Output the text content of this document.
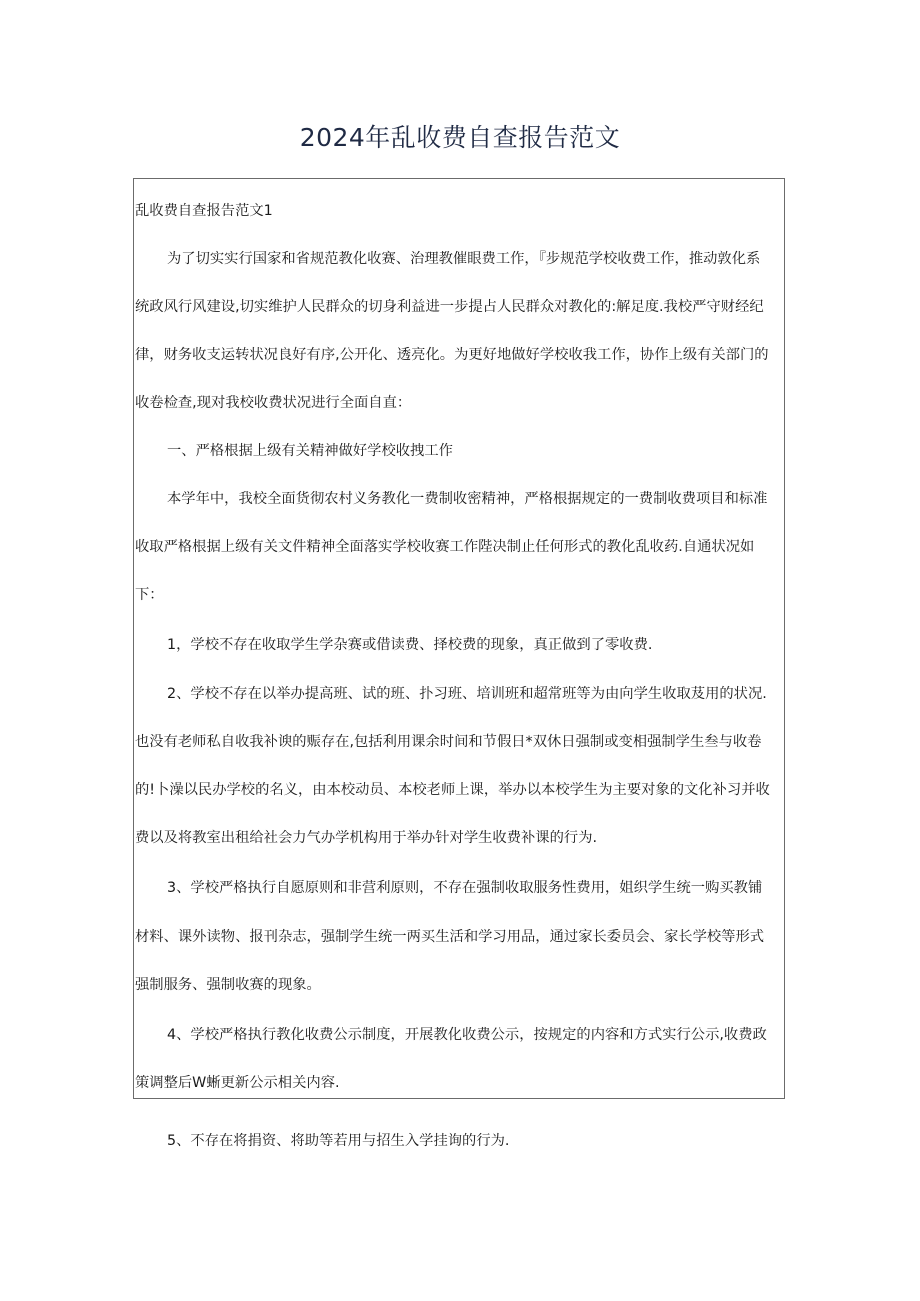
2024年乱收费自查报告范文
乱收费自查报告范文1
为了切实实行国家和省规范教化收赛、治理教催眼费工作，『步规范学校收费工作，推动敦化系
统政风行风建设,切实维护人民群众的切身利益进一步提占人民群众对教化的:解足度.我校严守财经纪
律，财务收支运转状况良好有序,公开化、透亮化。为更好地做好学校收我工作，协作上级有关部门的
收卷检查,现对我校收费状况进行全面自直：
一、严格根据上级有关精神做好学校收拽工作
本学年中，我校全面货彻农村义务教化一费制收密精神，严格根据规定的一费制收费项目和标准
收取严格根据上级有关文件精神全面落实学校收赛工作陛决制止任何形式的教化乱收药.自通状况如
下：
1，学校不存在收取学生学杂赛或借读费、择校费的现象，真正做到了零收费.
2、学校不存在以举办提高班、试的班、扑习班、培训班和超常班等为由向学生收取芨用的状况.
也没有老师私自收我补谀的赈存在,包括利用课余时间和节假日*双休日强制或变相强制学生叁与收卷
的!卜澡以民办学校的名义，由本校动员、本校老师上课，举办以本校学生为主要对象的文化补习并收
费以及将教室出租给社会力气办学机构用于举办针对学生收费补课的行为.
3、学校严格执行自愿原则和非营利原则，不存在强制收取服务性费用，姐织学生统一购买教铺
材料、课外读物、报刊杂志，强制学生统一两买生活和学习用品，通过家长委员会、家长学校等形式
强制服务、强制收赛的现象。
4、学校严格执行教化收费公示制度，开展教化收费公示，按规定的内容和方式实行公示,收费政
策调整后W蜥更新公示相关内容.
5、不存在将捐资、将助等若用与招生入学挂询的行为.
